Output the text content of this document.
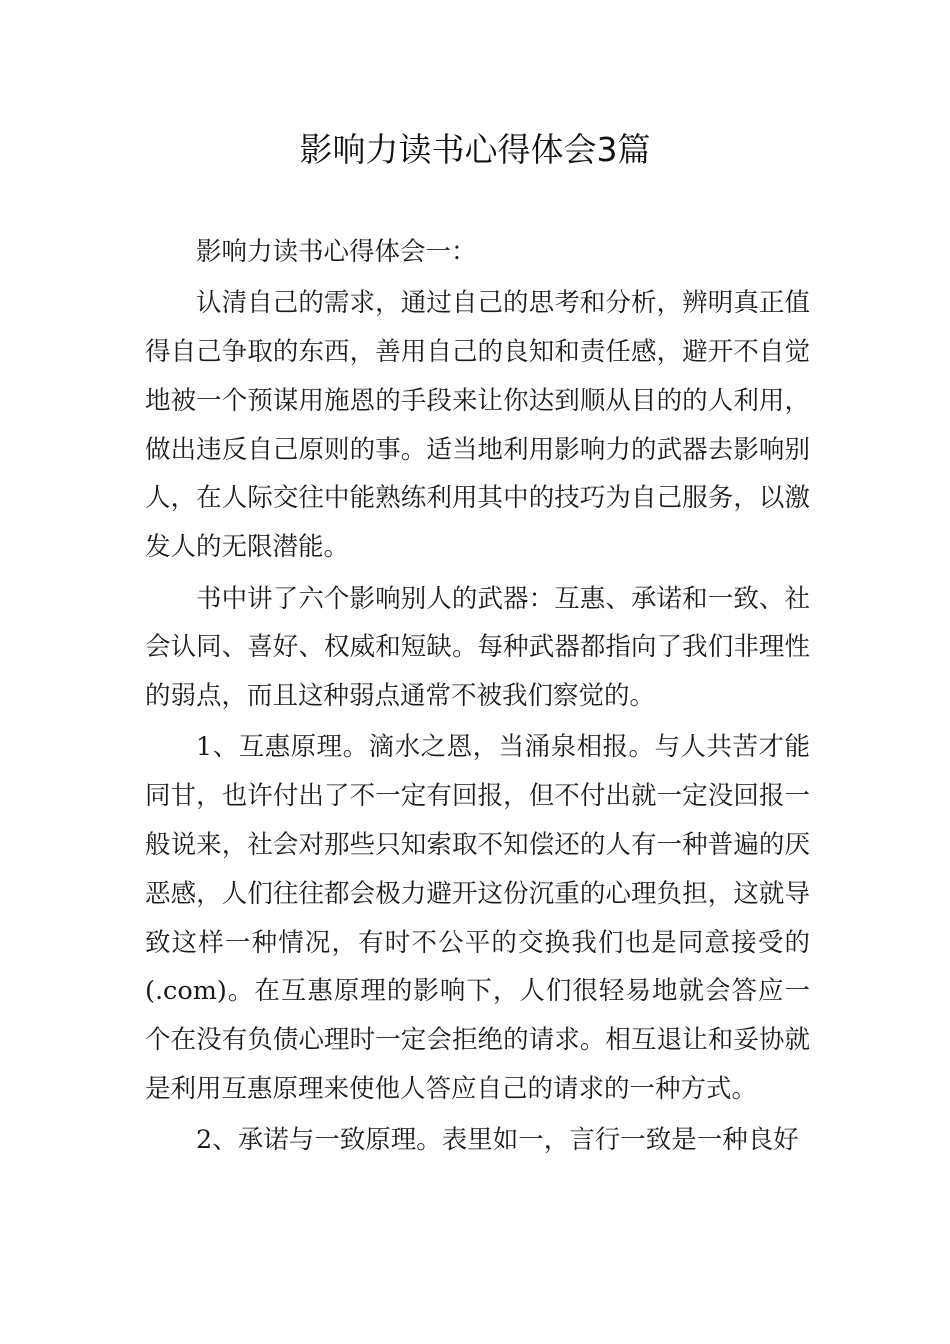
影响力读书心得体会3篇

影响力读书心得体会一：

认清自己的需求，通过自己的思考和分析，辨明真正值得自己争取的东西，善用自己的良知和责任感，避开不自觉地被一个预谋用施恩的手段来让你达到顺从目的的人利用，做出违反自己原则的事。适当地利用影响力的武器去影响别人，在人际交往中能熟练利用其中的技巧为自己服务，以激发人的无限潜能。

书中讲了六个影响别人的武器：互惠、承诺和一致、社会认同、喜好、权威和短缺。每种武器都指向了我们非理性的弱点，而且这种弱点通常不被我们察觉的。

1、互惠原理。滴水之恩，当涌泉相报。与人共苦才能同甘，也许付出了不一定有回报，但不付出就一定没回报一般说来，社会对那些只知索取不知偿还的人有一种普遍的厌恶感，人们往往都会极力避开这份沉重的心理负担，这就导致这样一种情况，有时不公平的交换我们也是同意接受的(.com)。在互惠原理的影响下，人们很轻易地就会答应一个在没有负债心理时一定会拒绝的请求。相互退让和妥协就是利用互惠原理来使他人答应自己的请求的一种方式。

2、承诺与一致原理。表里如一，言行一致是一种良好
